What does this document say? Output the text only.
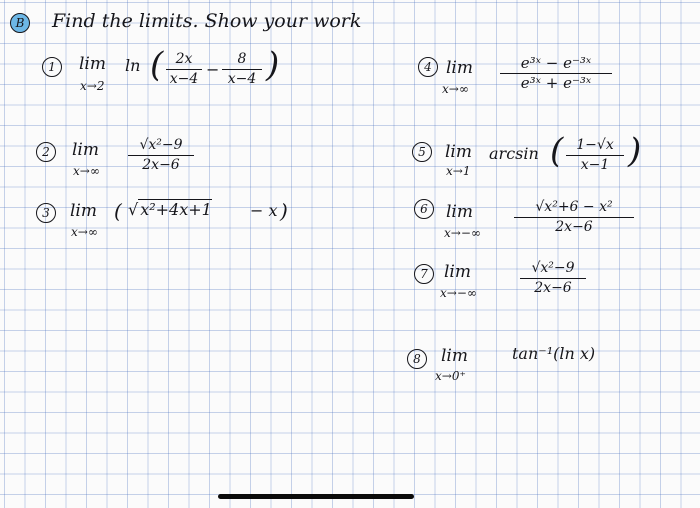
B Find the limits. Show your work
1	lim
x→2
ln ( $\frac{2x}{x-4} - \frac{8}{x-4}$ )
2	lim
$x\to\infty \frac{\text{√x²−9}}{2x-6}$
3	lim
x→∞
( √ x²+4x+1 − x )
4 lim
$x\to\infty \frac{\text{e³ˣ − e⁻³ˣ}}{\text{e³ˣ + e⁻³ˣ}}$
5	lim
x→1
arcsin ( $\frac{1-√x}{x-1}$ )
6	lim
$x\to-\infty \frac{\text{√x²+6 − x²}}{2x-6}$
7 lim
x→−∞	$\frac{\text{√x²−9}}{2x-6}$
8	lim
x→0⁺
tan⁻¹(ln x)
